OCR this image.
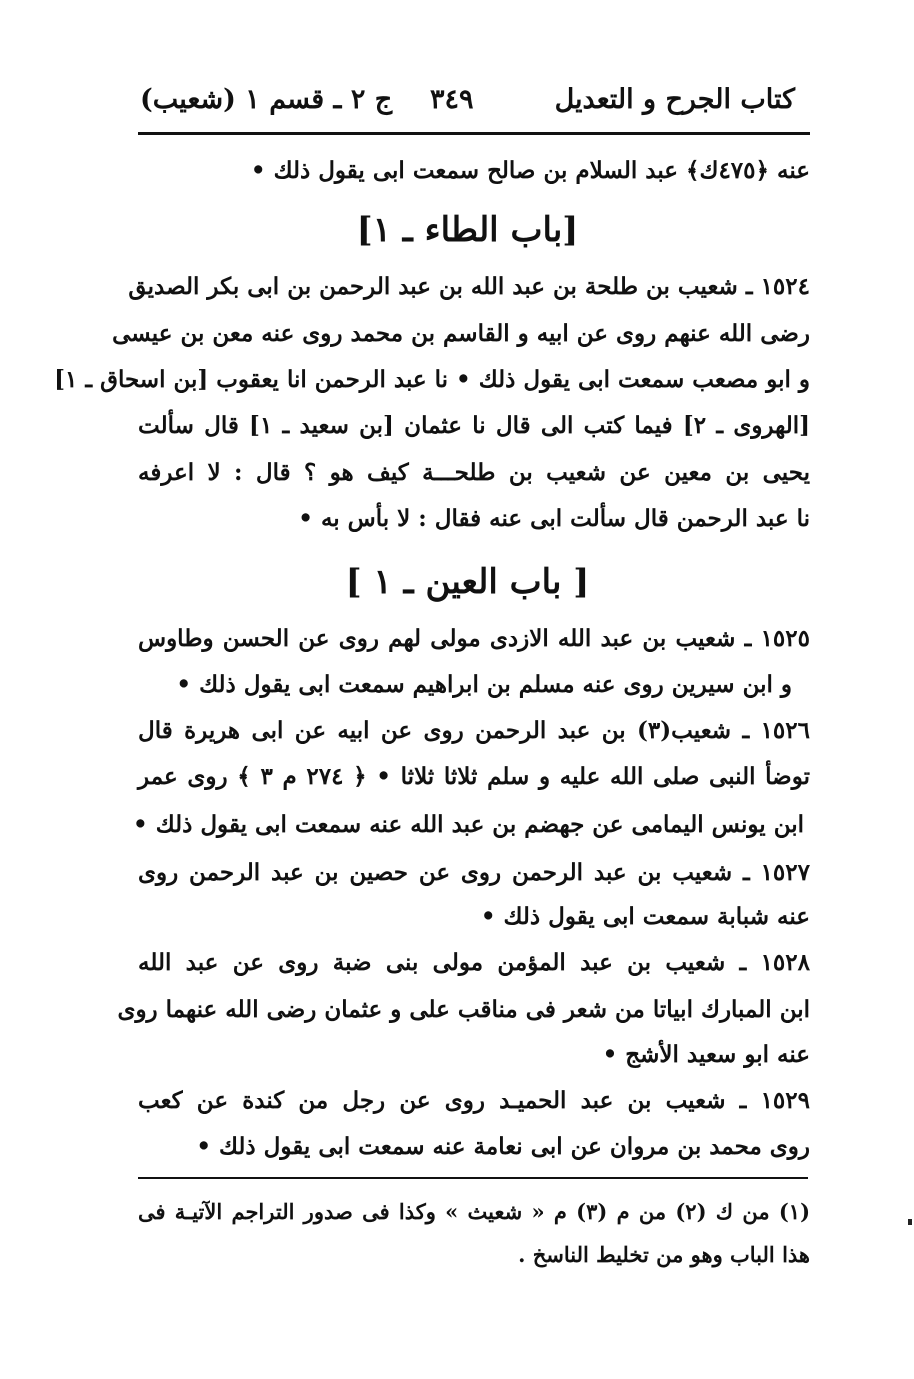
كتاب الجرح و التعديل
٣٤٩
(شعيب) ج ٢ ـ قسم ١
عنه ﴿٤٧٥ك﴾ عبد السلام بن صالح سمعت ابى يقول ذلك •
[باب الطاء ـ ١]
١٥٢٤ ـ شعيب بن طلحة بن عبد الله بن عبد الرحمن بن ابى بكر الصديق
رضى الله عنهم روى عن ابيه و القاسم بن محمد روى عنه معن بن عيسى
و ابو مصعب سمعت ابى يقول ذلك • نا عبد الرحمن انا يعقوب [بن اسحاق ـ ١]
[الهروى ـ ٢] فيما كتب الى قال نا عثمان [بن سعيد ـ ١] قال سألت
يحيى بن معين عن شعيب بن طلحـــة كيف هو ؟ قال : لا اعرفه
نا عبد الرحمن قال سألت ابى عنه فقال : لا بأس به •
[ باب العين ـ ١ ]
١٥٢٥ ـ شعيب بن عبد الله الازدى مولى لهم روى عن الحسن وطاوس
و ابن سيرين روى عنه مسلم بن ابراهيم سمعت ابى يقول ذلك •
١٥٢٦ ـ شعيب(٣) بن عبد الرحمن روى عن ابيه عن ابى هريرة قال
توضأ النبى صلى الله عليه و سلم ثلاثا ثلاثا • ﴿ ٢٧٤ م ٣ ﴾ روى عمر
ابن يونس اليمامى عن جهضم بن عبد الله عنه سمعت ابى يقول ذلك •
١٥٢٧ ـ شعيب بن عبد الرحمن روى عن حصين بن عبد الرحمن روى
عنه شبابة سمعت ابى يقول ذلك •
١٥٢٨ ـ شعيب بن عبد المؤمن مولى بنى ضبة روى عن عبد الله
ابن المبارك ابياتا من شعر فى مناقب على و عثمان رضى الله عنهما روى
عنه ابو سعيد الأشج •
١٥٢٩ ـ شعيب بن عبد الحميـد روى عن رجل من كندة عن كعب
روى محمد بن مروان عن ابى نعامة عنه سمعت ابى يقول ذلك •
(١) من ك (٢) من م (٣) م « شعيث » وكذا فى صدور التراجم الآتيـة فى
هذا الباب وهو من تخليط الناسخ .
